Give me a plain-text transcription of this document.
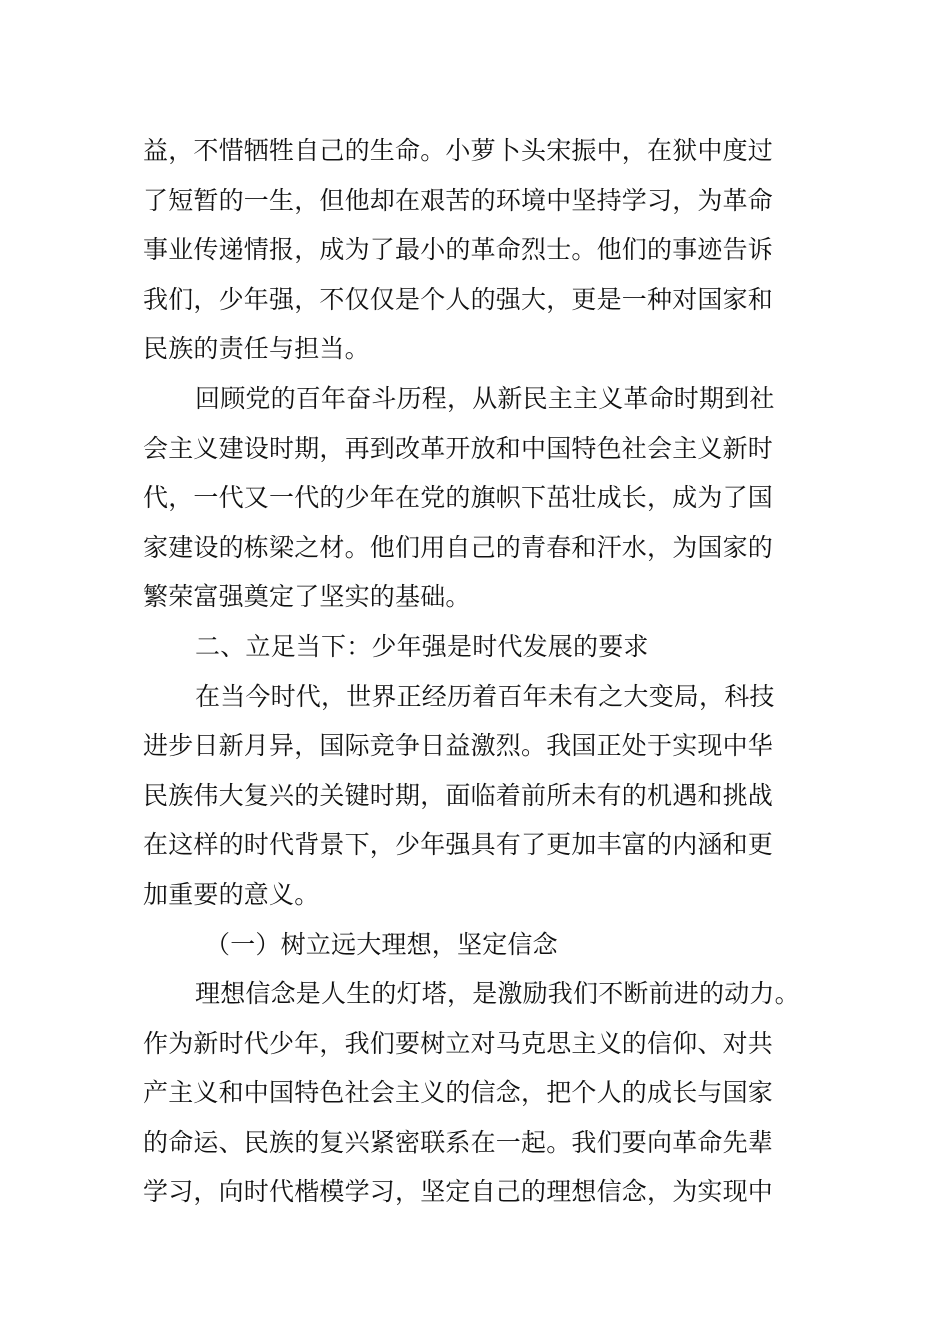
益，不惜牺牲自己的生命。小萝卜头宋振中，在狱中度过
了短暂的一生，但他却在艰苦的环境中坚持学习，为革命
事业传递情报，成为了最小的革命烈士。他们的事迹告诉
我们，少年强，不仅仅是个人的强大，更是一种对国家和
民族的责任与担当。
回顾党的百年奋斗历程，从新民主主义革命时期到社
会主义建设时期，再到改革开放和中国特色社会主义新时
代，一代又一代的少年在党的旗帜下茁壮成长，成为了国
家建设的栋梁之材。他们用自己的青春和汗水，为国家的
繁荣富强奠定了坚实的基础。
二、立足当下：少年强是时代发展的要求
在当今时代，世界正经历着百年未有之大变局，科技
进步日新月异，国际竞争日益激烈。我国正处于实现中华
民族伟大复兴的关键时期，面临着前所未有的机遇和挑战
在这样的时代背景下，少年强具有了更加丰富的内涵和更
加重要的意义。
（一）树立远大理想，坚定信念
理想信念是人生的灯塔，是激励我们不断前进的动力。
作为新时代少年，我们要树立对马克思主义的信仰、对共
产主义和中国特色社会主义的信念，把个人的成长与国家
的命运、民族的复兴紧密联系在一起。我们要向革命先辈
学习，向时代楷模学习，坚定自己的理想信念，为实现中
